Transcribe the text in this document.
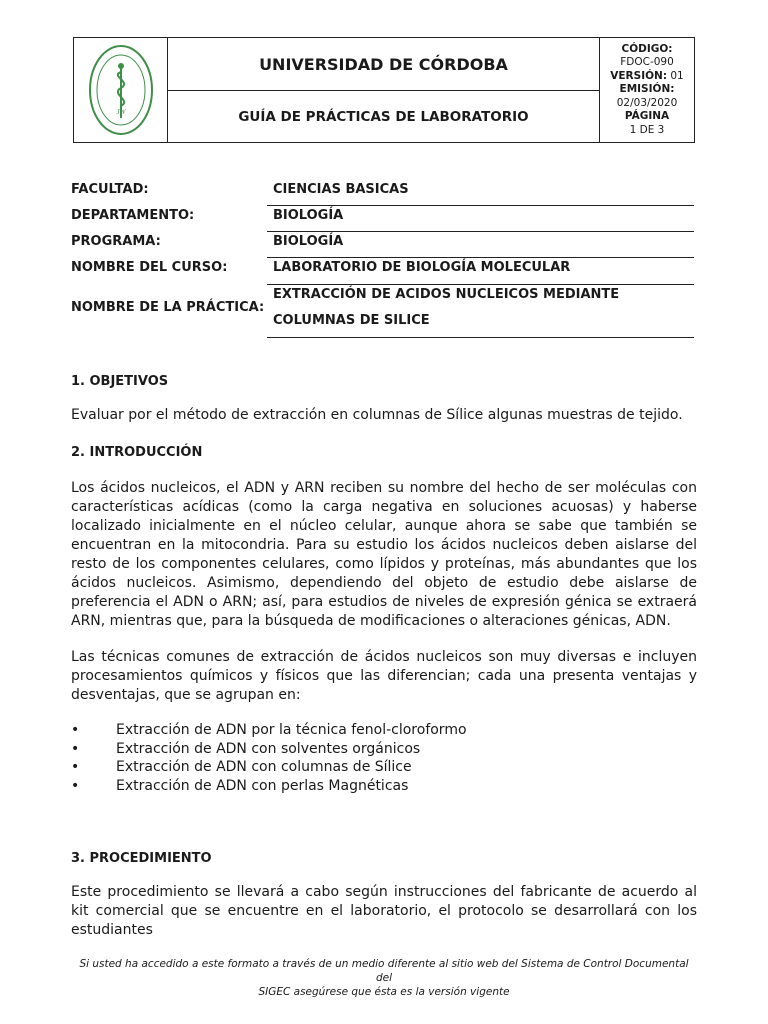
JW
UNIVERSIDAD DE CÓRDOBA
GUÍA DE PRÁCTICAS DE LABORATORIO
CÓDIGO:
FDOC-090
VERSIÓN: 01
EMISIÓN:
02/03/2020
PÁGINA
1 DE 3
FACULTAD:	CIENCIAS BASICAS
DEPARTAMENTO:	BIOLOGÍA
PROGRAMA:	BIOLOGÍA
NOMBRE DEL CURSO:	LABORATORIO DE BIOLOGÍA MOLECULAR
NOMBRE DE LA PRÁCTICA:
EXTRACCIÓN DE ACIDOS NUCLEICOS MEDIANTE
COLUMNAS DE SILICE
1. OBJETIVOS
Evaluar por el método de extracción en columnas de Sílice algunas muestras de tejido.
2. INTRODUCCIÓN
Los ácidos nucleicos, el ADN y ARN reciben su nombre del hecho de ser moléculas con características acídicas (como la carga negativa en soluciones acuosas) y haberse localizado inicialmente en el núcleo celular, aunque ahora se sabe que también se encuentran en la mitocondria. Para su estudio los ácidos nucleicos deben aislarse del resto de los componentes celulares, como lípidos y proteínas, más abundantes que los ácidos nucleicos. Asimismo, dependiendo del objeto de estudio debe aislarse de preferencia el ADN o ARN; así, para estudios de niveles de expresión génica se extraerá ARN, mientras que, para la búsqueda de modificaciones o alteraciones génicas, ADN.
Las técnicas comunes de extracción de ácidos nucleicos son muy diversas e incluyen procesamientos químicos y físicos que las diferencian; cada una presenta ventajas y desventajas, que se agrupan en:
•	Extracción de ADN por la técnica fenol-cloroformo
•	Extracción de ADN con solventes orgánicos
•	Extracción de ADN con columnas de Sílice
•	Extracción de ADN con perlas Magnéticas
3. PROCEDIMIENTO
Este procedimiento se llevará a cabo según instrucciones del fabricante de acuerdo al kit comercial que se encuentre en el laboratorio, el protocolo se desarrollará con los estudiantes
Si usted ha accedido a este formato a través de un medio diferente al sitio web del Sistema de Control Documental del
SIGEC asegúrese que ésta es la versión vigente
